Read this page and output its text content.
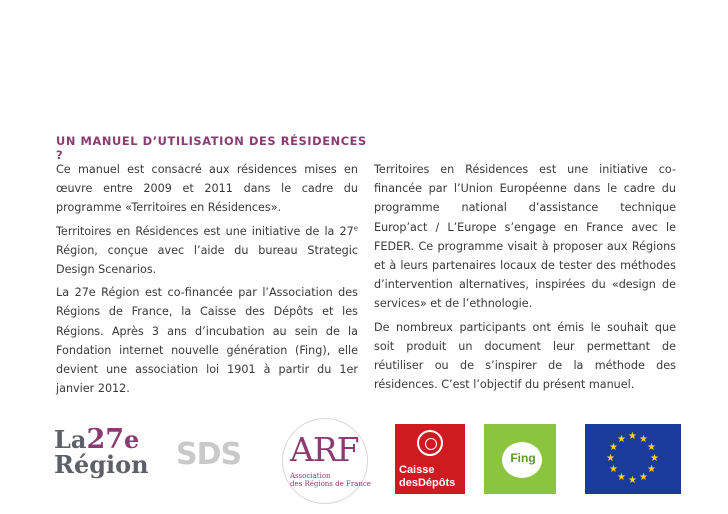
UN MANUEL D’UTILISATION DES RÉSIDENCES ?

Ce manuel est consacré aux résidences mises en œuvre entre 2009 et 2011 dans le cadre du programme «Territoires en Résidences».

Territoires en Résidences est une initiative de la 27e Région, conçue avec l’aide du bureau Strategic Design Scenarios.

La 27e Région est co-financée par l’Association des Régions de France, la Caisse des Dépôts et les Régions. Après 3 ans d’incubation au sein de la Fondation internet nouvelle génération (Fing), elle devient une association loi 1901 à partir du 1er janvier 2012.

Territoires en Résidences est une initiative co-financée par l’Union Européenne dans le cadre du programme national d’assistance technique Europ’act / L’Europe s’engage en France avec le FEDER. Ce programme visait à proposer aux Régions et à leurs partenaires locaux de tester des méthodes d’intervention alternatives, inspirées du «design de services» et de l’ethnologie.

De nombreux participants ont émis le souhait que soit produit un document leur permettant de réutiliser ou de s’inspirer de la méthode des résidences. C’est l’objectif du présent manuel.

La27e
Région SDS ARF
Association
des Régions de France
Caisse
desDépôts
Fing
★ ★
★
★
★
★
★
★
★
★
★
★
